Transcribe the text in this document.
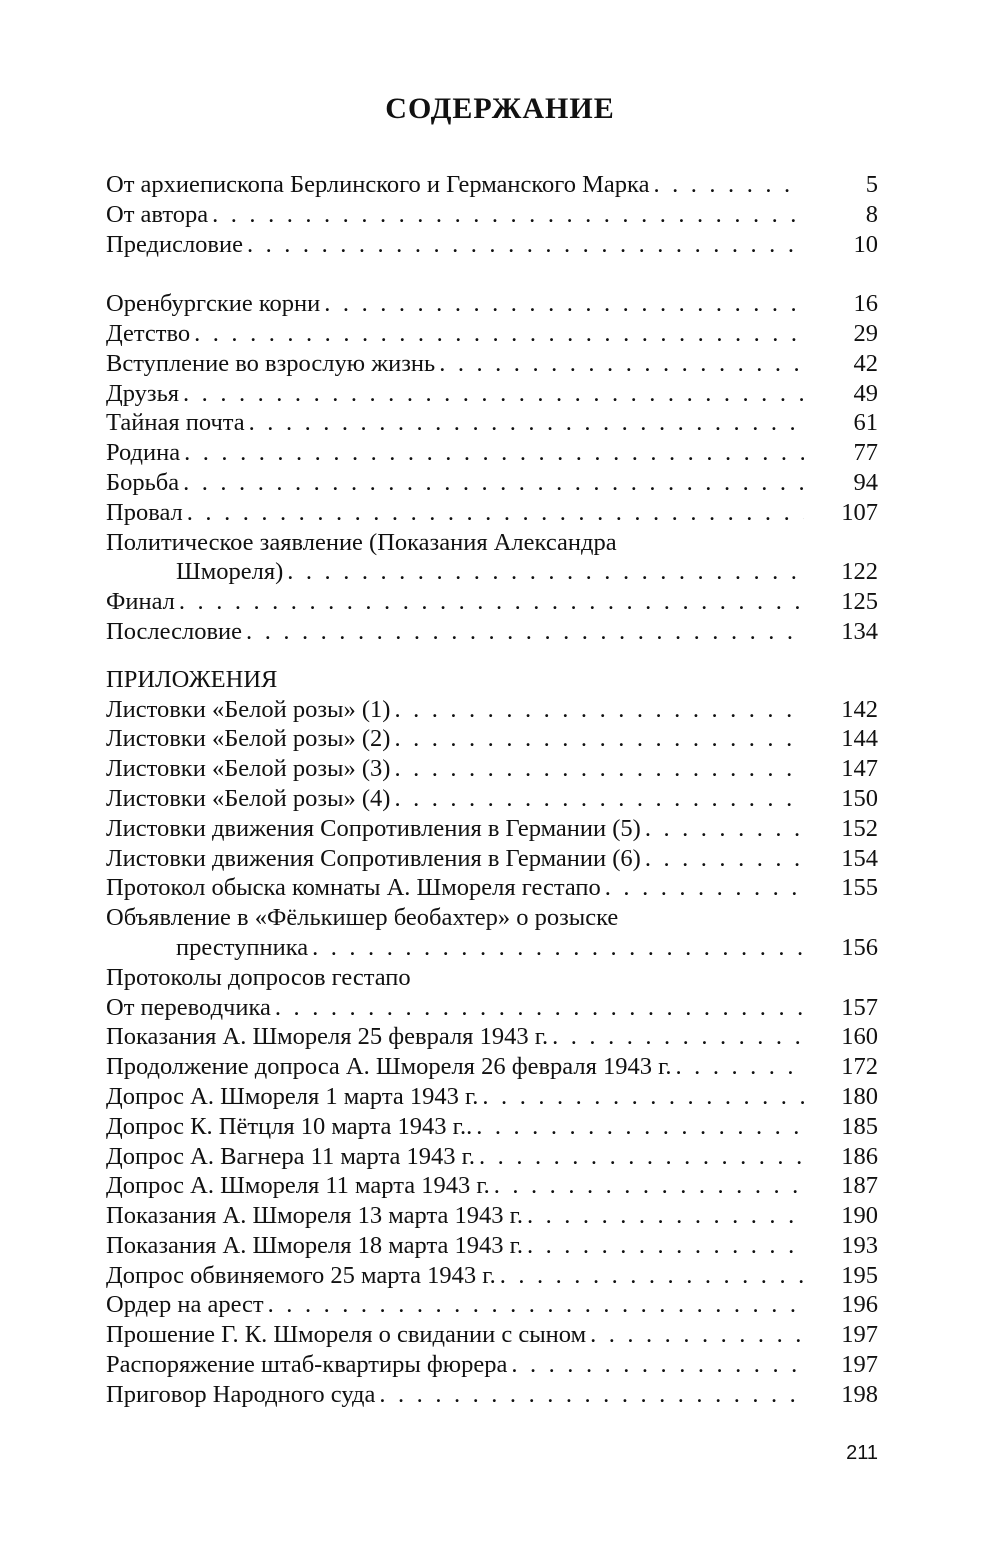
СОДЕРЖАНИЕ
От архиепископа Берлинского и Германского Марка . . .	5
От автора . . .	8
Предисловие . . .	10
Оренбургские корни . . .	16
Детство . . .	29
Вступление во взрослую жизнь . . .	42
Друзья . . .	49
Тайная почта . . .	61
Родина . . .	77
Борьба . . .	94
Провал . . .	107
Политическое заявление (Показания Александра
Шмореля) . . .	122
Финал . . .	125
Послесловие . . .	134
ПРИЛОЖЕНИЯ
Листовки «Белой розы» (1) . . .	142
Листовки «Белой розы» (2) . . .	144
Листовки «Белой розы» (3) . . .	147
Листовки «Белой розы» (4) . . .	150
Листовки движения Сопротивления в Германии (5) . . .	152
Листовки движения Сопротивления в Германии (6) . . .	154
Протокол обыска комнаты А. Шмореля гестапо . . .	155
Объявление в «Фёлькишер беобахтер» о розыске
преступника . . .	156
Протоколы допросов гестапо
От переводчика . . .	157
Показания А. Шмореля 25 февраля 1943 г. . . .	160
Продолжение допроса А. Шмореля 26 февраля 1943 г. . . .	172
Допрос А. Шмореля 1 марта 1943 г. . . .	180
Допрос К. Пётцля 10 марта 1943 г.. . . .	185
Допрос А. Вагнера 11 марта 1943 г. . . .	186
Допрос А. Шмореля 11 марта 1943 г. . . .	187
Показания А. Шмореля 13 марта 1943 г. . . .	190
Показания А. Шмореля 18 марта 1943 г. . . .	193
Допрос обвиняемого 25 марта 1943 г. . . .	195
Ордер на арест . . .	196
Прошение Г. К. Шмореля о свидании с сыном . . .	197
Распоряжение штаб-квартиры фюрера . . .	197
Приговор Народного суда . . .	198
211
